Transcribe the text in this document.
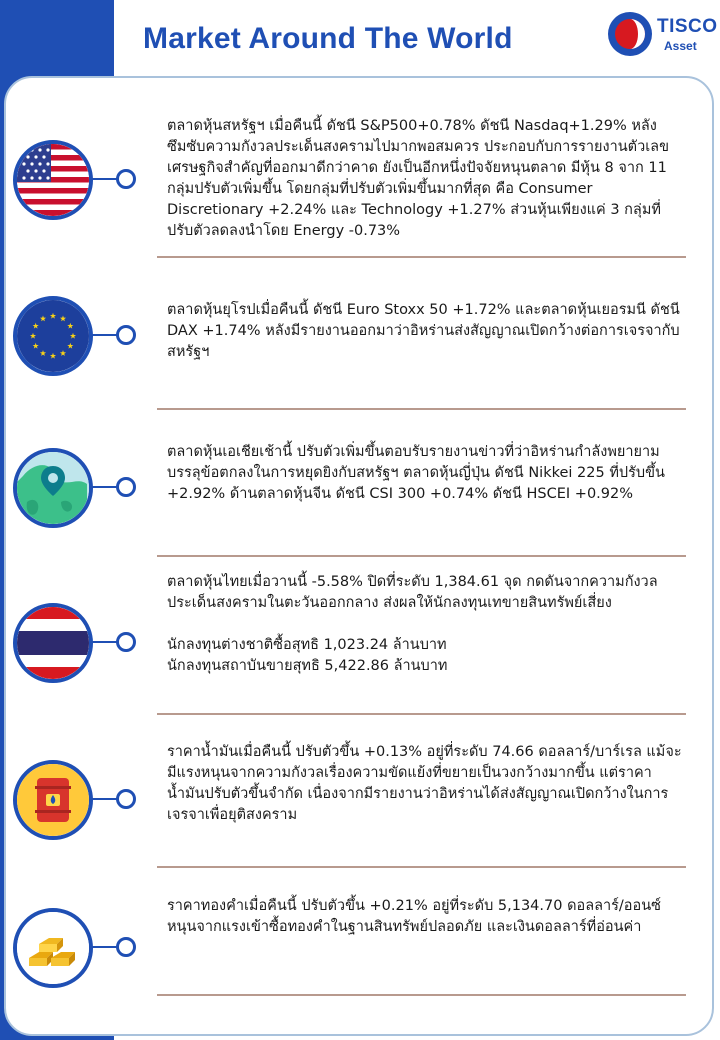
Market Around The World	TISCO
Asset

ตลาดหุ้นสหรัฐฯ เมื่อคืนนี้ ดัชนี S&P500+0.78% ดัชนี Nasdaq+1.29% หลังซึมซับความกังวลประเด็นสงครามไปมากพอสมควร ประกอบกับการรายงานตัวเลขเศรษฐกิจสำคัญที่ออกมาดีกว่าคาด ยังเป็นอีกหนึ่งปัจจัยหนุนตลาด มีหุ้น 8 จาก 11 กลุ่มปรับตัวเพิ่มขึ้น โดยกลุ่มที่ปรับตัวเพิ่มขึ้นมากที่สุด คือ Consumer Discretionary +2.24% และ Technology +1.27% ส่วนหุ้นเพียงแค่ 3 กลุ่มที่ปรับตัวลดลงนำโดย Energy -0.73%

ตลาดหุ้นยุโรปเมื่อคืนนี้ ดัชนี Euro Stoxx 50 +1.72% และตลาดหุ้นเยอรมนี ดัชนี DAX +1.74% หลังมีรายงานออกมาว่าอิหร่านส่งสัญญาณเปิดกว้างต่อการเจรจากับสหรัฐฯ

ตลาดหุ้นเอเชียเช้านี้ ปรับตัวเพิ่มขึ้นตอบรับรายงานข่าวที่ว่าอิหร่านกำลังพยายามบรรลุข้อตกลงในการหยุดยิงกับสหรัฐฯ ตลาดหุ้นญี่ปุ่น ดัชนี Nikkei 225 ที่ปรับขึ้น +2.92% ด้านตลาดหุ้นจีน ดัชนี CSI 300 +0.74% ดัชนี HSCEI +0.92%

ตลาดหุ้นไทยเมื่อวานนี้ -5.58% ปิดที่ระดับ 1,384.61 จุด กดดันจากความกังวลประเด็นสงครามในตะวันออกกลาง ส่งผลให้นักลงทุนเทขายสินทรัพย์เสี่ยง

นักลงทุนต่างชาติซื้อสุทธิ 1,023.24 ล้านบาท
นักลงทุนสถาบันขายสุทธิ 5,422.86 ล้านบาท

ราคาน้ำมันเมื่อคืนนี้ ปรับตัวขึ้น +0.13% อยู่ที่ระดับ 74.66 ดอลลาร์/บาร์เรล แม้จะมีแรงหนุนจากความกังวลเรื่องความขัดแย้งที่ขยายเป็นวงกว้างมากขึ้น แต่ราคาน้ำมันปรับตัวขึ้นจำกัด เนื่องจากมีรายงานว่าอิหร่านได้ส่งสัญญาณเปิดกว้างในการเจรจาเพื่อยุติสงคราม

ราคาทองคำเมื่อคืนนี้ ปรับตัวขึ้น +0.21% อยู่ที่ระดับ 5,134.70 ดอลลาร์/ออนซ์ หนุนจากแรงเข้าซื้อทองคำในฐานสินทรัพย์ปลอดภัย และเงินดอลลาร์ที่อ่อนค่า
